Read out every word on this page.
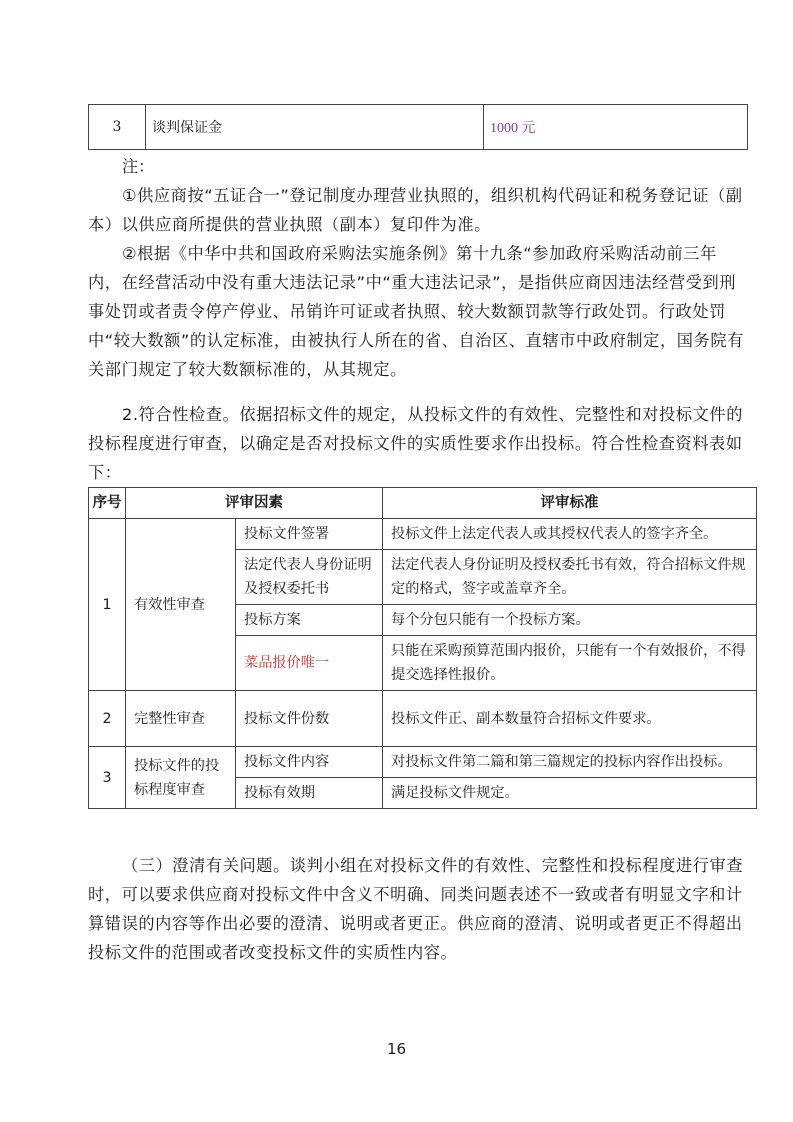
3	谈判保证金	1000 元

注：

①供应商按“五证合一”登记制度办理营业执照的，组织机构代码证和税务登记证（副本）以供应商所提供的营业执照（副本）复印件为准。

②根据《中华中共和国政府采购法实施条例》第十九条“参加政府采购活动前三年内，在经营活动中没有重大违法记录”中“重大违法记录”，是指供应商因违法经营受到刑事处罚或者责令停产停业、吊销许可证或者执照、较大数额罚款等行政处罚。行政处罚中“较大数额”的认定标准，由被执行人所在的省、自治区、直辖市中政府制定，国务院有关部门规定了较大数额标准的，从其规定。

2.符合性检查。依据招标文件的规定，从投标文件的有效性、完整性和对投标文件的投标程度进行审查，以确定是否对投标文件的实质性要求作出投标。符合性检查资料表如下：

序号	评审因素		评审标准
1	有效性审查	投标文件签署	投标文件上法定代表人或其授权代表人的签字齐全。
		法定代表人身份证明及授权委托书	法定代表人身份证明及授权委托书有效，符合招标文件规定的格式，签字或盖章齐全。
		投标方案	每个分包只能有一个投标方案。
		菜品报价唯一	只能在采购预算范围内报价，只能有一个有效报价，不得提交选择性报价。
2	完整性审查	投标文件份数	投标文件正、副本数量符合招标文件要求。
3	投标文件的投标程度审查	投标文件内容	对投标文件第二篇和第三篇规定的投标内容作出投标。
		投标有效期	满足投标文件规定。

（三）澄清有关问题。谈判小组在对投标文件的有效性、完整性和投标程度进行审查时，可以要求供应商对投标文件中含义不明确、同类问题表述不一致或者有明显文字和计算错误的内容等作出必要的澄清、说明或者更正。供应商的澄清、说明或者更正不得超出投标文件的范围或者改变投标文件的实质性内容。

16
